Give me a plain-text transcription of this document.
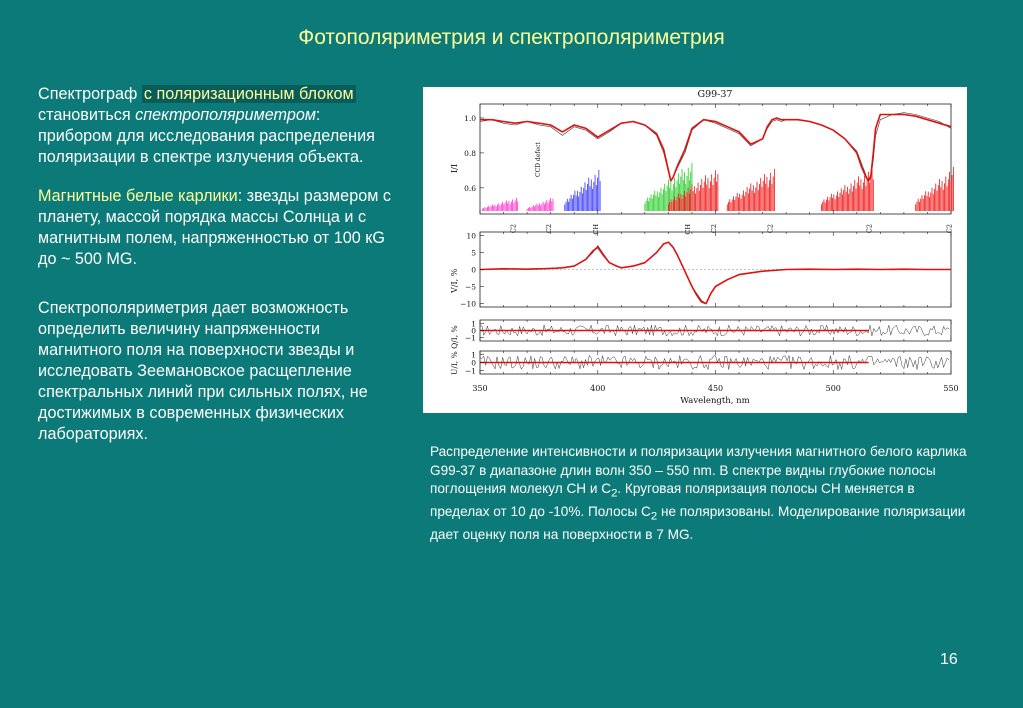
Фотополяриметрия и спектрополяриметрия

Спектрограф с поляризационным блоком
становиться спектрополяриметром: прибором для исследования распределения поляризации в спектре излучения объекта.

Магнитные белые карлики: звезды размером с планету, массой порядка массы Солнца и с магнитным полем, напряженностью от 100 кG до ~ 500 MG.

Спектрополяриметрия дает возможность определить величину напряженности магнитного поля на поверхности звезды и исследовать Зеемановское расщепление спектральных линий при сильных полях, не достижимых в современных физических лабораториях.

G99-37
350	400	450	500	550
1.0
0.8
0.6
10
5
0
−5
−10
1
0
−1
1
0
−1
C2	C2	CH	CH	C2	C2	C2	C2
Wavelength, nm
CCD defect
I/I
V/I, %
U/I, % Q/I, %
Распределение интенсивности и поляризации излучения магнитного белого карлика G99-37 в диапазоне длин волн 350 – 550 nm. В спектре видны глубокие полосы поглощения молекул CH и $C_2$. Круговая поляризация полосы CH меняется в пределах от 10 до -10%. Полосы $C_2$ не поляризованы. Моделирование поляризации дает оценку поля на поверхности в 7 MG.
16
